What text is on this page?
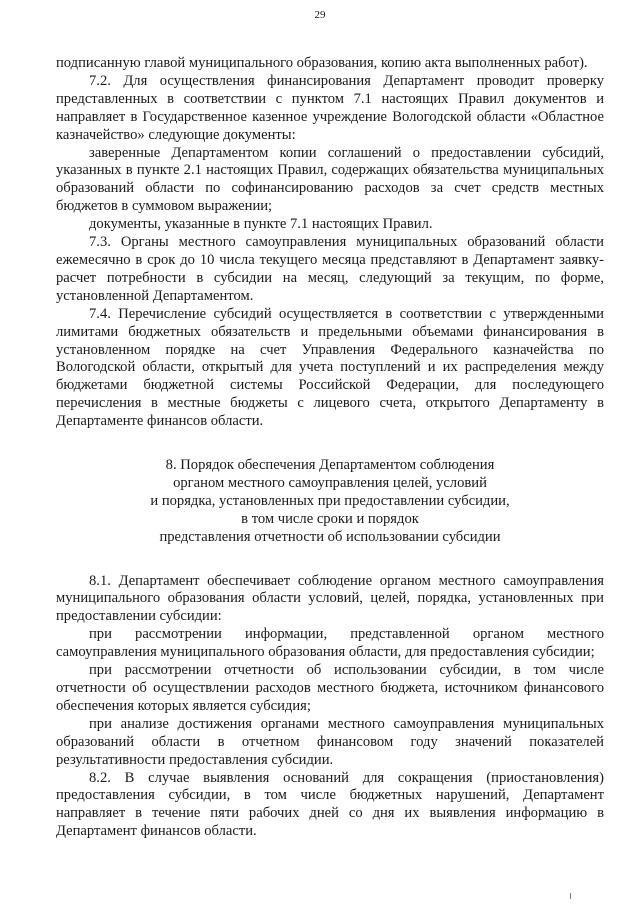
29

подписанную главой муниципального образования, копию акта выполненных работ).

7.2. Для осуществления финансирования Департамент проводит проверку представленных в соответствии с пунктом 7.1 настоящих Правил документов и направляет в Государственное казенное учреждение Вологодской области «Областное казначейство» следующие документы:

заверенные Департаментом копии соглашений о предоставлении субсидий, указанных в пункте 2.1 настоящих Правил, содержащих обязательства муниципальных образований области по софинансированию расходов за счет средств местных бюджетов в суммовом выражении;

документы, указанные в пункте 7.1 настоящих Правил.

7.3. Органы местного самоуправления муниципальных образований области ежемесячно в срок до 10 числа текущего месяца представляют в Департамент заявку-расчет потребности в субсидии на месяц, следующий за текущим, по форме, установленной Департаментом.

7.4. Перечисление субсидий осуществляется в соответствии с утвержденными лимитами бюджетных обязательств и предельными объемами финансирования в установленном порядке на счет Управления Федерального казначейства по Вологодской области, открытый для учета поступлений и их распределения между бюджетами бюджетной системы Российской Федерации, для последующего перечисления в местные бюджеты с лицевого счета, открытого Департаменту в Департаменте финансов области.

8. Порядок обеспечения Департаментом соблюдения
органом местного самоуправления целей, условий
и порядка, установленных при предоставлении субсидии,
в том числе сроки и порядок
представления отчетности об использовании субсидии

8.1. Департамент обеспечивает соблюдение органом местного самоуправления муниципального образования области условий, целей, порядка, установленных при предоставлении субсидии:

при рассмотрении информации, представленной органом местного самоуправления муниципального образования области, для предоставления субсидии;

при рассмотрении отчетности об использовании субсидии, в том числе отчетности об осуществлении расходов местного бюджета, источником финансового обеспечения которых является субсидия;

при анализе достижения органами местного самоуправления муниципальных образований области в отчетном финансовом году значений показателей результативности предоставления субсидии.

8.2. В случае выявления оснований для сокращения (приостановления) предоставления субсидии, в том числе бюджетных нарушений, Департамент направляет в течение пяти рабочих дней со дня их выявления информацию в Департамент финансов области.
